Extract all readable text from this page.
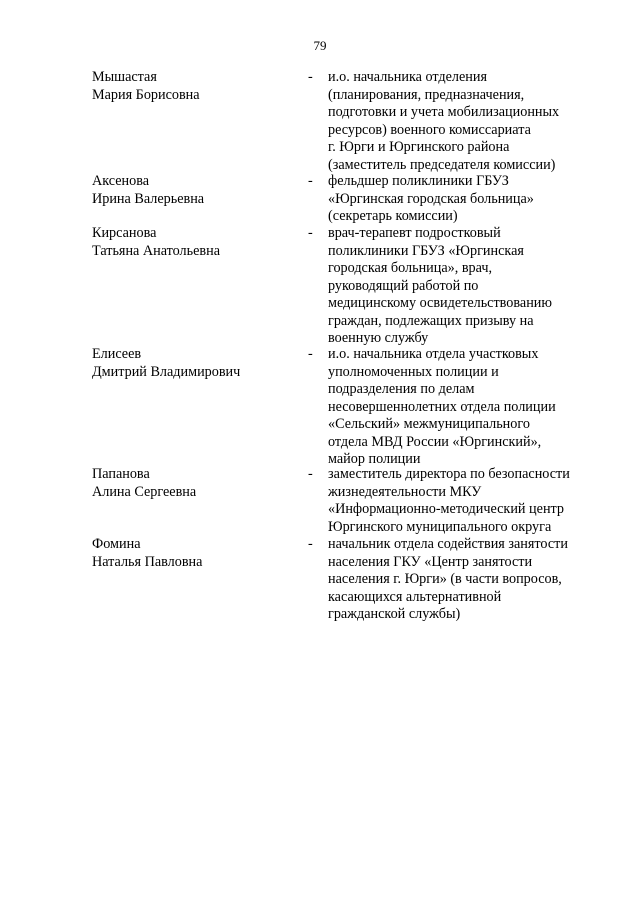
79
Мышастая
Мария Борисовна
- и.о. начальника отделения
(планирования, предназначения,
подготовки и учета мобилизационных
ресурсов) военного комиссариата
г. Юрги и Юргинского района
(заместитель председателя комиссии)
Аксенова
Ирина Валерьевна
- фельдшер поликлиники ГБУЗ
«Юргинская городская больница»
(секретарь комиссии)
Кирсанова
Татьяна Анатольевна
- врач-терапевт подростковый
поликлиники ГБУЗ «Юргинская
городская больница», врач,
руководящий работой по
медицинскому освидетельствованию
граждан, подлежащих призыву на
военную службу
Елисеев
Дмитрий Владимирович
- и.о. начальника отдела участковых
уполномоченных полиции и
подразделения по делам
несовершеннолетних отдела полиции
«Сельский» межмуниципального
отдела МВД России «Юргинский»,
майор полиции
Папанова
Алина Сергеевна
- заместитель директора по безопасности
жизнедеятельности МКУ
«Информационно-методический центр
Юргинского муниципального округа
Фомина
Наталья Павловна
- начальник отдела содействия занятости
населения ГКУ «Центр занятости
населения г. Юрги» (в части вопросов,
касающихся альтернативной
гражданской службы)
